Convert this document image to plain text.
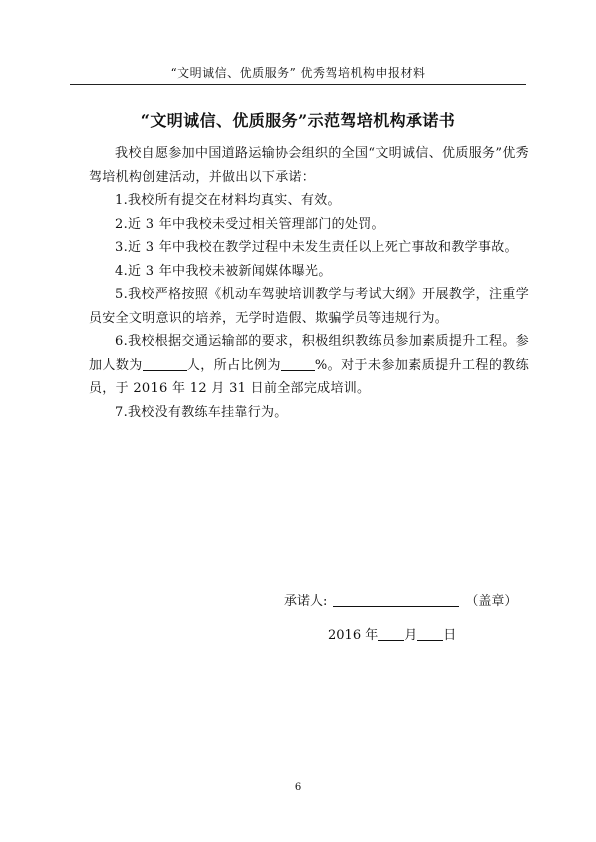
“文明诚信、优质服务” 优秀驾培机构申报材料
“文明诚信、优质服务”示范驾培机构承诺书

我校自愿参加中国道路运输协会组织的全国“文明诚信、优质服务”优秀驾培机构创建活动，并做出以下承诺：

1.我校所有提交在材料均真实、有效。

2.近 3 年中我校未受过相关管理部门的处罚。

3.近 3 年中我校在教学过程中未发生责任以上死亡事故和教学事故。

4.近 3 年中我校未被新闻媒体曝光。

5.我校严格按照《机动车驾驶培训教学与考试大纲》开展教学，注重学员安全文明意识的培养，无学时造假、欺骗学员等违规行为。

6.我校根据交通运输部的要求，积极组织教练员参加素质提升工程。参加人数为	人，所占比例为	%。对于未参加素质提升工程的教练员，于 2016 年 12 月 31 日前全部完成培训。

7.我校没有教练车挂靠行为。

承诺人:	（盖章）
2016 年 月 日
6
